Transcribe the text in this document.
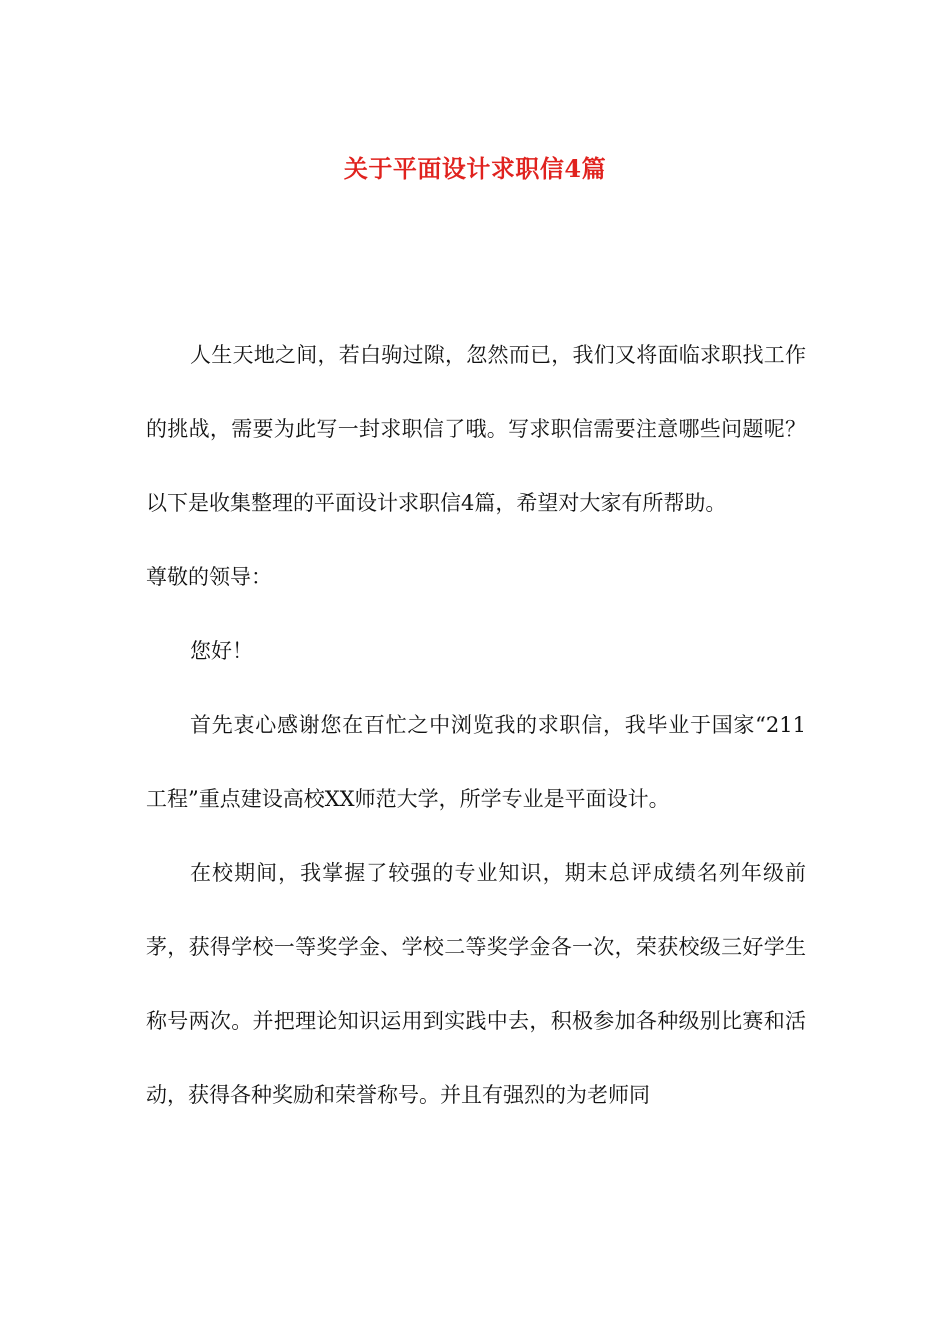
关于平面设计求职信4篇

人生天地之间，若白驹过隙，忽然而已，我们又将面临求职找工作的挑战，需要为此写一封求职信了哦。写求职信需要注意哪些问题呢？以下是收集整理的平面设计求职信4篇，希望对大家有所帮助。

尊敬的领导：

您好！

首先衷心感谢您在百忙之中浏览我的求职信，我毕业于国家“211工程”重点建设高校XX师范大学，所学专业是平面设计。

在校期间，我掌握了较强的专业知识，期末总评成绩名列年级前茅，获得学校一等奖学金、学校二等奖学金各一次，荣获校级三好学生称号两次。并把理论知识运用到实践中去，积极参加各种级别比赛和活动，获得各种奖励和荣誉称号。并且有强烈的为老师同
